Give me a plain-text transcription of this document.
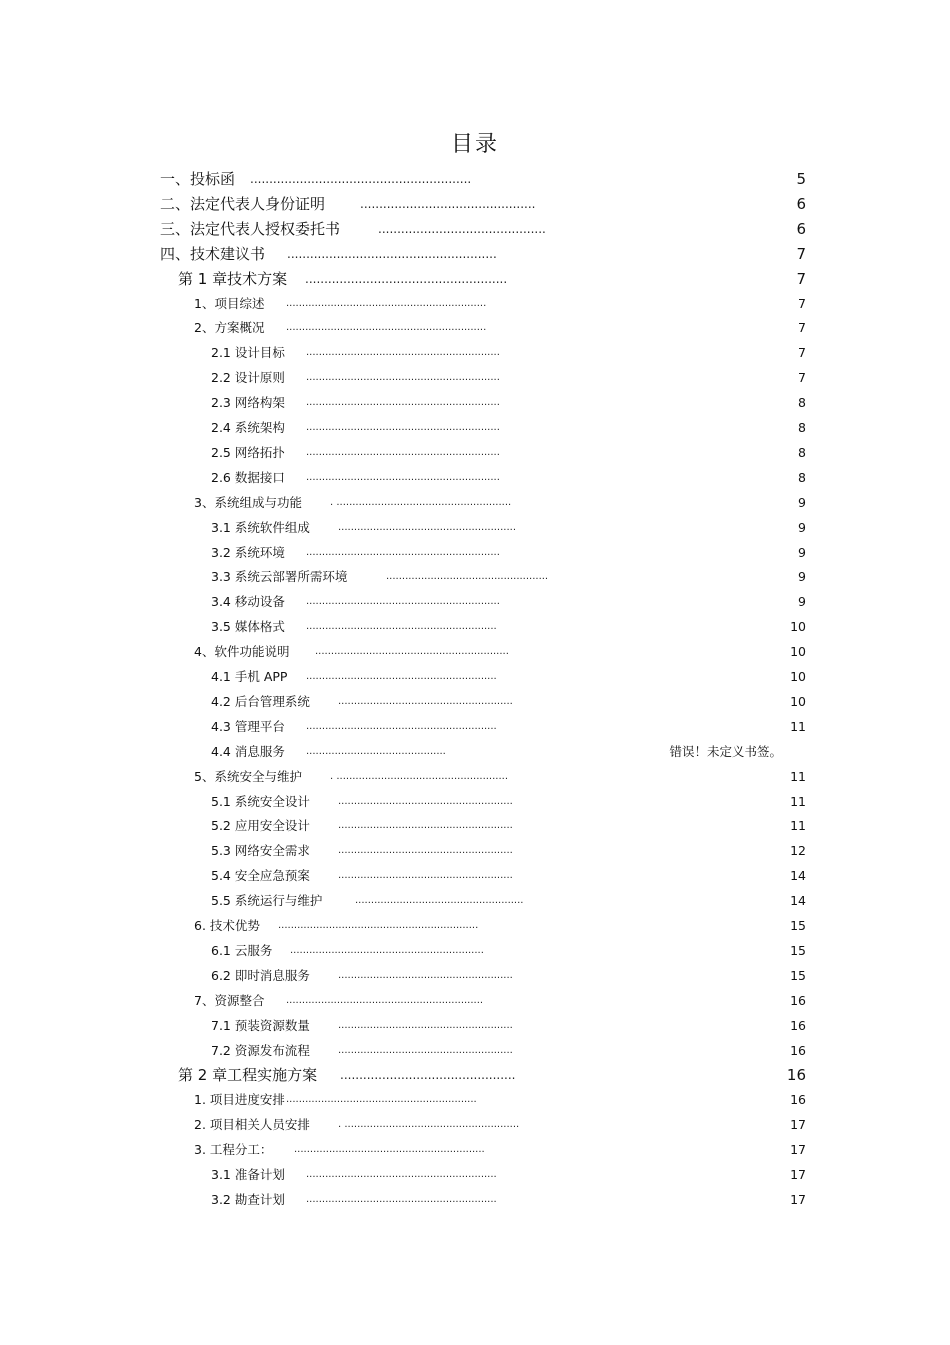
目录
一、投标函 ..........................................................	5
二、法定代表人身份证明	..............................................	6
三、法定代表人授权委托书	............................................	6
四、技术建议书 .......................................................	7
第 1 章技术方案 .....................................................	7
1、项目综述 ...............................................................	7
2、方案概况 ...............................................................	7
2.1 设计目标 .............................................................	7
2.2 设计原则 .............................................................	7
2.3 网络构架 .............................................................	8
2.4 系统架构 .............................................................	8
2.5 网络拓扑 .............................................................	8
2.6 数据接口 .............................................................	8
3、系统组成与功能	. .......................................................	9
3.1 系统软件组成	........................................................	9
3.2 系统环境 .............................................................	9
3.3 系统云部署所需环境	...................................................	9
3.4 移动设备 .............................................................	9
3.5 媒体格式 ............................................................	10
4、软件功能说明	.............................................................	10
4.1 手机 APP ............................................................	10
4.2 后台管理系统	.......................................................	10
4.3 管理平台 ............................................................	11
4.4 消息服务 ............................................	错误！未定义书签。
5、系统安全与维护	. ......................................................	11
5.1 系统安全设计	.......................................................	11
5.2 应用安全设计	.......................................................	11
5.3 网络安全需求	.......................................................	12
5.4 安全应急预案	.......................................................	14
5.5 系统运行与维护	.....................................................	14
6. 技术优势 ...............................................................	15
6.1 云服务 .............................................................	15
6.2 即时消息服务	.......................................................	15
7、资源整合 ..............................................................	16
7.1 预装资源数量	.......................................................	16
7.2 资源发布流程	.......................................................	16
第 2 章工程实施方案 ..............................................	16
1. 项目进度安排 ............................................................	16
2. 项目相关人员安排	. .......................................................	17
3. 工程分工： ............................................................	17
3.1 准备计划 ............................................................	17
3.2 勘查计划 ............................................................	17
